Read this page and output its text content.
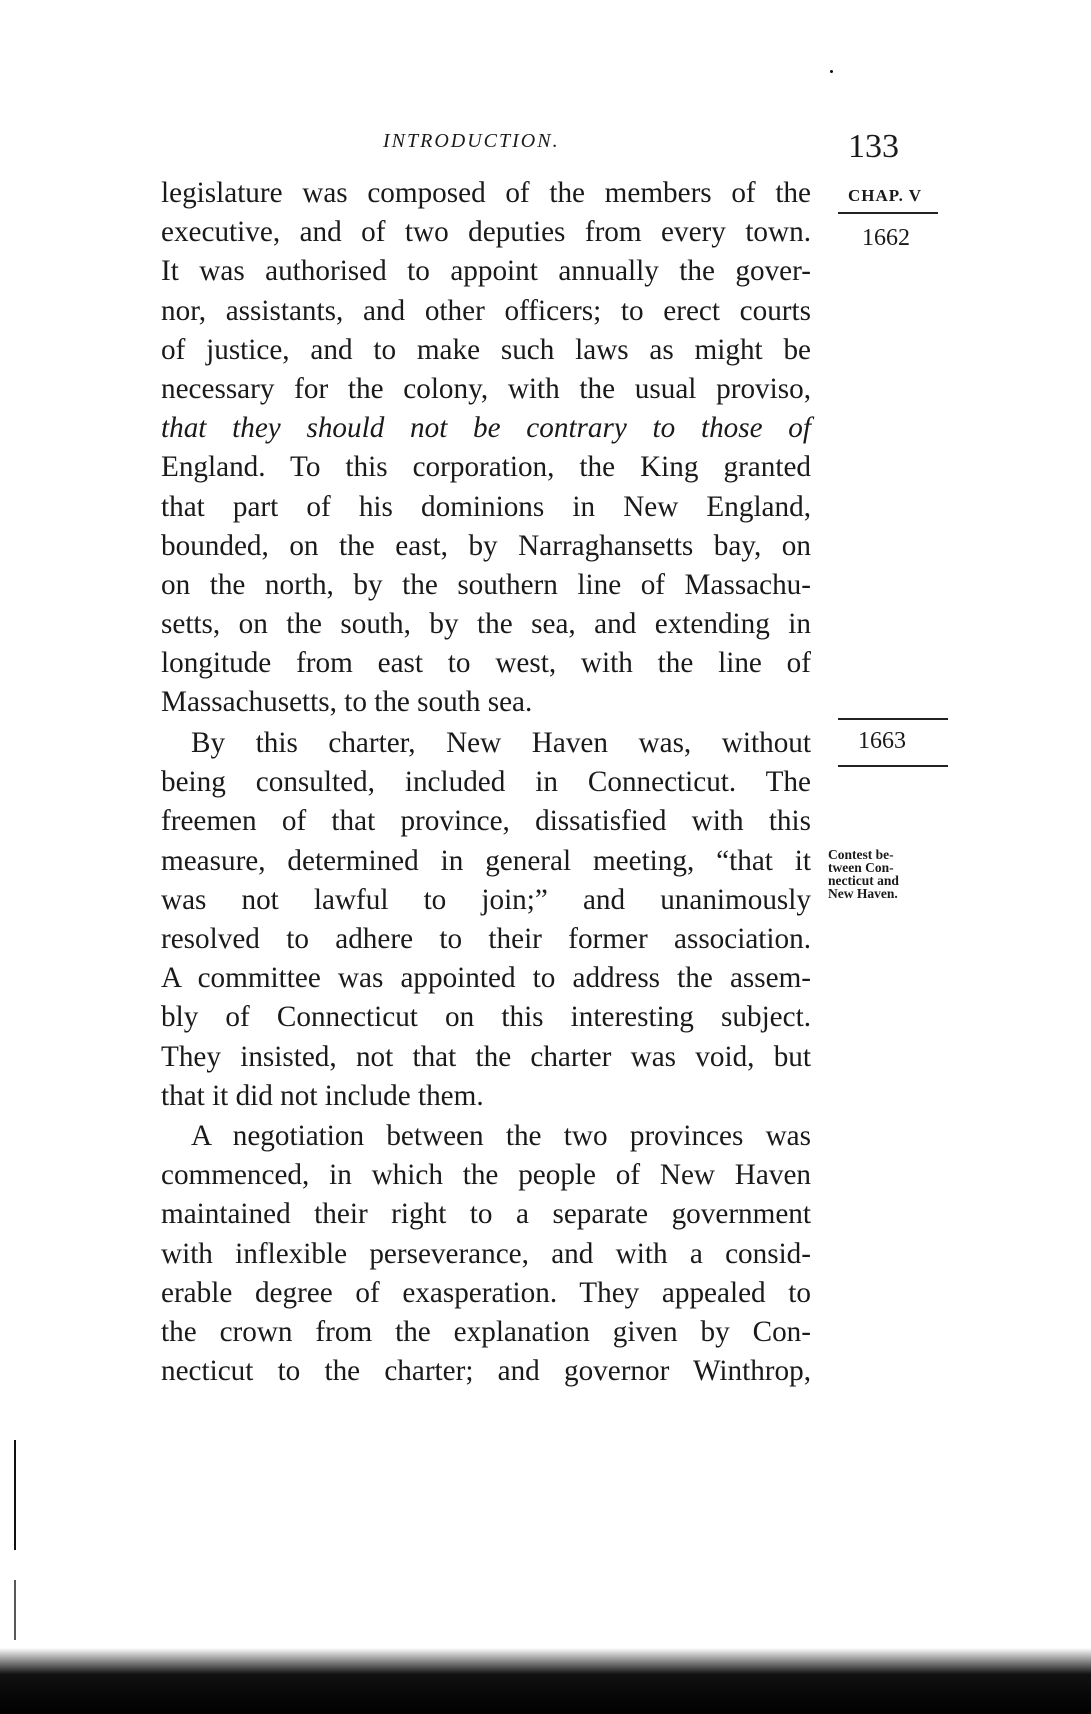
INTRODUCTION.	133
CHAP. V
1662
1663
Contest be-
tween Con-
necticut and
New Haven.
legislature was composed of the members of the
executive, and of two deputies from every town.
It was authorised to appoint annually the gover-
nor, assistants, and other officers; to erect courts
of justice, and to make such laws as might be
necessary for the colony, with the usual proviso,
that they should not be contrary to those of
England. To this corporation, the King granted
that part of his dominions in New England,
bounded, on the east, by Narraghansetts bay, on
on the north, by the southern line of Massachu-
setts, on the south, by the sea, and extending in
longitude from east to west, with the line of
Massachusetts, to the south sea.
By this charter, New Haven was, without
being consulted, included in Connecticut. The
freemen of that province, dissatisfied with this
measure, determined in general meeting, “that it
was not lawful to join;” and unanimously
resolved to adhere to their former association.
A committee was appointed to address the assem-
bly of Connecticut on this interesting subject.
They insisted, not that the charter was void, but
that it did not include them.
A negotiation between the two provinces was
commenced, in which the people of New Haven
maintained their right to a separate government
with inflexible perseverance, and with a consid-
erable degree of exasperation. They appealed to
the crown from the explanation given by Con-
necticut to the charter; and governor Winthrop,
